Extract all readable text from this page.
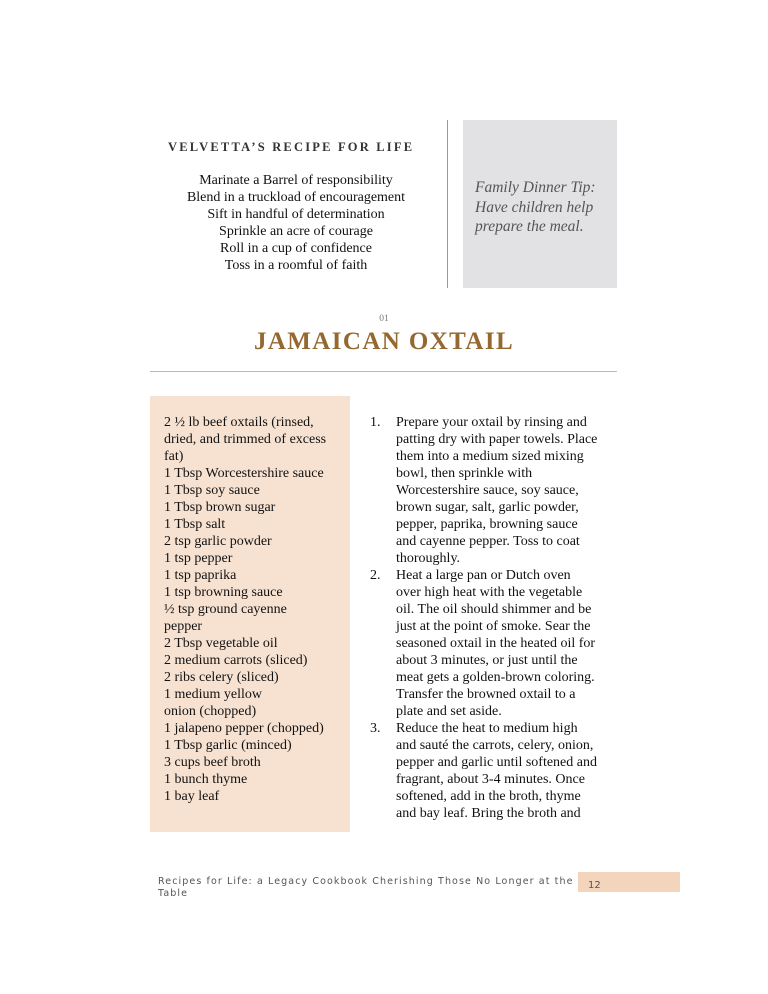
VELVETTA’S RECIPE FOR LIFE
Marinate a Barrel of responsibility
Blend in a truckload of encouragement
Sift in handful of determination
Sprinkle an acre of courage
Roll in a cup of confidence
Toss in a roomful of faith
Family Dinner Tip:
Have children help
prepare the meal.
01
JAMAICAN OXTAIL
2 ½ lb beef oxtails (rinsed,
dried, and trimmed of excess
fat)
1 Tbsp Worcestershire sauce
1 Tbsp soy sauce
1 Tbsp brown sugar
1 Tbsp salt
2 tsp garlic powder
1 tsp pepper
1 tsp paprika
1 tsp browning sauce
½ tsp ground cayenne
pepper
2 Tbsp vegetable oil
2 medium carrots (sliced)
2 ribs celery (sliced)
1 medium yellow
onion (chopped)
1 jalapeno pepper (chopped)
1 Tbsp garlic (minced)
3 cups beef broth
1 bunch thyme
1 bay leaf
1.	Prepare your oxtail by rinsing and
patting dry with paper towels. Place
them into a medium sized mixing
bowl, then sprinkle with
Worcestershire sauce, soy sauce,
brown sugar, salt, garlic powder,
pepper, paprika, browning sauce
and cayenne pepper. Toss to coat
thoroughly.
2.	Heat a large pan or Dutch oven
over high heat with the vegetable
oil. The oil should shimmer and be
just at the point of smoke. Sear the
seasoned oxtail in the heated oil for
about 3 minutes, or just until the
meat gets a golden-brown coloring.
Transfer the browned oxtail to a
plate and set aside.
3.	Reduce the heat to medium high
and sauté the carrots, celery, onion,
pepper and garlic until softened and
fragrant, about 3-4 minutes. Once
softened, add in the broth, thyme
and bay leaf. Bring the broth and
Recipes for Life: a Legacy Cookbook Cherishing Those No Longer at the
Table
12
